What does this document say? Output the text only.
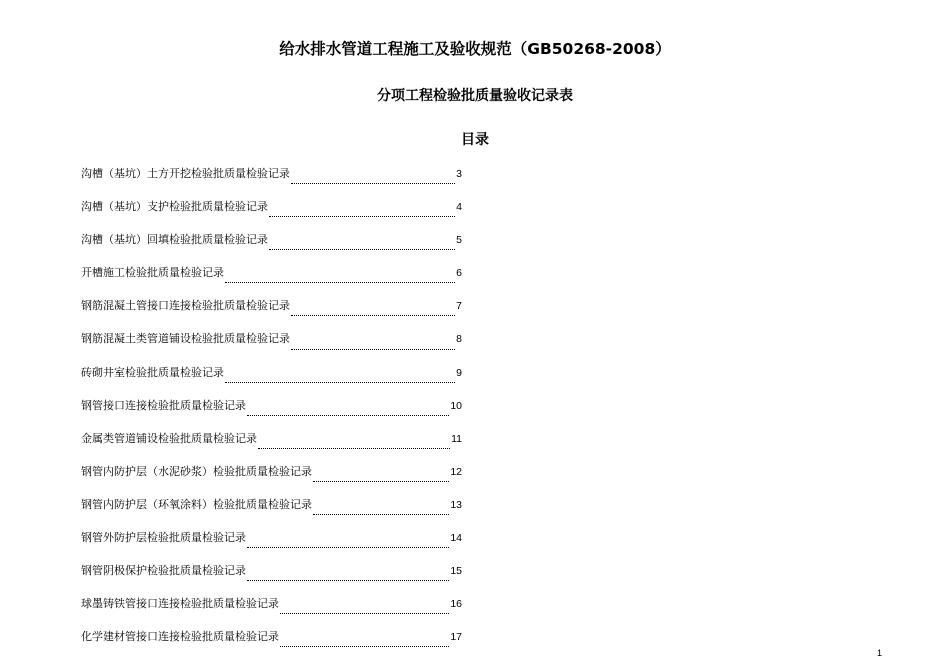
给水排水管道工程施工及验收规范（GB50268-2008）
分项工程检验批质量验收记录表
目录
沟槽（基坑）土方开挖检验批质量检验记录	3
沟槽（基坑）支护检验批质量检验记录	4
沟槽（基坑）回填检验批质量检验记录	5
开槽施工检验批质量检验记录	6
钢筋混凝土管接口连接检验批质量检验记录	7
钢筋混凝土类管道铺设检验批质量检验记录	8
砖砌井室检验批质量检验记录	9
钢管接口连接检验批质量检验记录	10
金属类管道铺设检验批质量检验记录	11
钢管内防护层（水泥砂浆）检验批质量检验记录	12
钢管内防护层（环氧涂料）检验批质量检验记录	13
钢管外防护层检验批质量检验记录	14
钢管阴极保护检验批质量检验记录	15
球墨铸铁管接口连接检验批质量检验记录	16
化学建材管接口连接检验批质量检验记录	17
1
